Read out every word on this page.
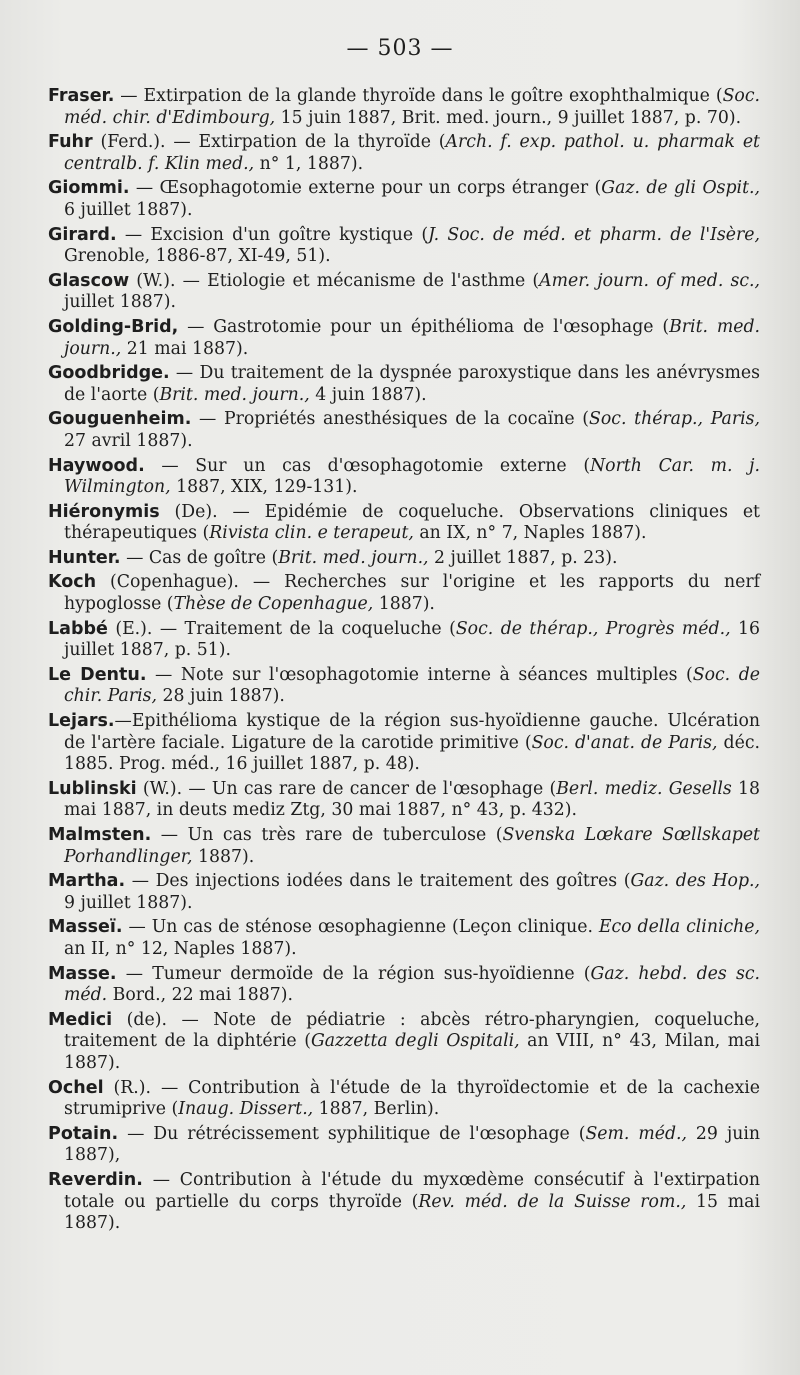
— 503 —

Fraser. — Extirpation de la glande thyroïde dans le goître exophthalmique (Soc. méd. chir. d'Edimbourg, 15 juin 1887, Brit. med. journ., 9 juillet 1887, p. 70).

Fuhr (Ferd.). — Extirpation de la thyroïde (Arch. f. exp. pathol. u. pharmak et centralb. f. Klin med., n° 1, 1887).

Giommi. — Œsophagotomie externe pour un corps étranger (Gaz. de gli Ospit., 6 juillet 1887).

Girard. — Excision d'un goître kystique (J. Soc. de méd. et pharm. de l'Isère, Grenoble, 1886-87, XI-49, 51).

Glascow (W.). — Etiologie et mécanisme de l'asthme (Amer. journ. of med. sc., juillet 1887).

Golding-Brid, — Gastrotomie pour un épithélioma de l'œsophage (Brit. med. journ., 21 mai 1887).

Goodbridge. — Du traitement de la dyspnée paroxystique dans les anévrysmes de l'aorte (Brit. med. journ., 4 juin 1887).

Gouguenheim. — Propriétés anesthésiques de la cocaïne (Soc. thérap., Paris, 27 avril 1887).

Haywood. — Sur un cas d'œsophagotomie externe (North Car. m. j. Wilmington, 1887, XIX, 129-131).

Hiéronymis (De). — Epidémie de coqueluche. Observations cliniques et thérapeutiques (Rivista clin. e terapeut, an IX, n° 7, Naples 1887).

Hunter. — Cas de goître (Brit. med. journ., 2 juillet 1887, p. 23).

Koch (Copenhague). — Recherches sur l'origine et les rapports du nerf hypoglosse (Thèse de Copenhague, 1887).

Labbé (E.). — Traitement de la coqueluche (Soc. de thérap., Progrès méd., 16 juillet 1887, p. 51).

Le Dentu. — Note sur l'œsophagotomie interne à séances multiples (Soc. de chir. Paris, 28 juin 1887).

Lejars.—Epithélioma kystique de la région sus-hyoïdienne gauche. Ulcération de l'artère faciale. Ligature de la carotide primitive (Soc. d'anat. de Paris, déc. 1885. Prog. méd., 16 juillet 1887, p. 48).

Lublinski (W.). — Un cas rare de cancer de l'œsophage (Berl. mediz. Gesells 18 mai 1887, in deuts mediz Ztg, 30 mai 1887, n° 43, p. 432).

Malmsten. — Un cas très rare de tuberculose (Svenska Lœkare Sœllskapet Porhandlinger, 1887).

Martha. — Des injections iodées dans le traitement des goîtres (Gaz. des Hop., 9 juillet 1887).

Masseï. — Un cas de sténose œsophagienne (Leçon clinique. Eco della cliniche, an II, n° 12, Naples 1887).

Masse. — Tumeur dermoïde de la région sus-hyoïdienne (Gaz. hebd. des sc. méd. Bord., 22 mai 1887).

Medici (de). — Note de pédiatrie : abcès rétro-pharyngien, coqueluche, traitement de la diphtérie (Gazzetta degli Ospitali, an VIII, n° 43, Milan, mai 1887).

Ochel (R.). — Contribution à l'étude de la thyroïdectomie et de la cachexie strumiprive (Inaug. Dissert., 1887, Berlin).

Potain. — Du rétrécissement syphilitique de l'œsophage (Sem. méd., 29 juin 1887),

Reverdin. — Contribution à l'étude du myxœdème consécutif à l'extirpation totale ou partielle du corps thyroïde (Rev. méd. de la Suisse rom., 15 mai 1887).
